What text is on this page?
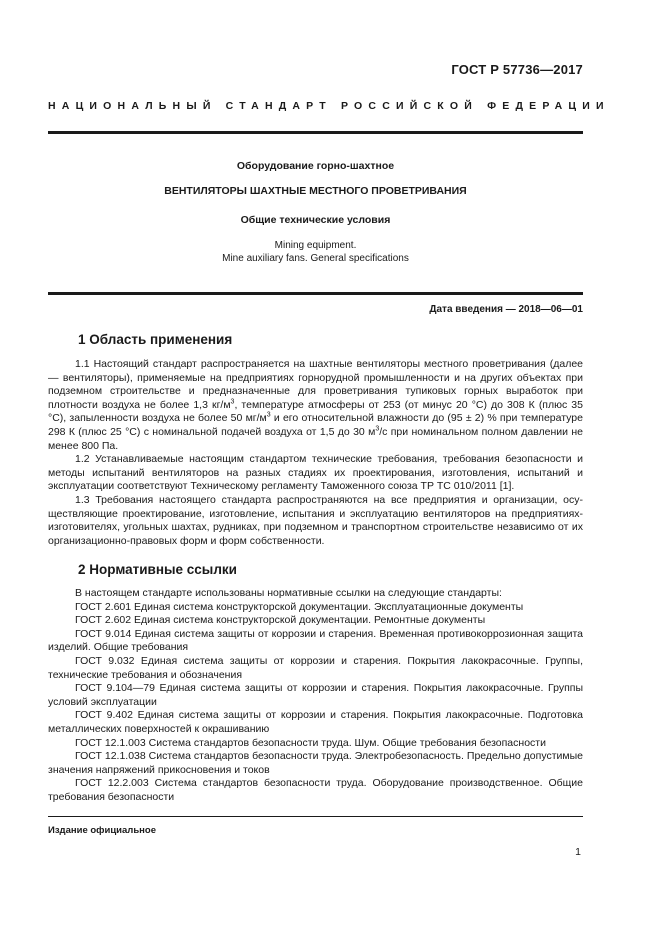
ГОСТ Р 57736—2017
НАЦИОНАЛЬНЫЙ СТАНДАРТ РОССИЙСКОЙ ФЕДЕРАЦИИ
Оборудование горно-шахтное
ВЕНТИЛЯТОРЫ ШАХТНЫЕ МЕСТНОГО ПРОВЕТРИВАНИЯ
Общие технические условия
Mining equipment.
Mine auxiliary fans. General specifications
Дата введения — 2018—06—01
1 Область применения

1.1 Настоящий стандарт распространяется на шахтные вентиляторы местного проветривания (далее — вентиляторы), применяемые на предприятиях горнорудной промышленности и на других объектах при подземном строительстве и предназначенные для проветривания тупиковых горных выработок при плотности воздуха не более 1,3 $кг/м^3$, температуре атмосферы от 253 (от минус 20 °С) до 308 К (плюс 35 °С), запыленности воздуха не более 50 $мг/м^3$ и его относительной влажности до (95 ± 2) % при температуре 298 К (плюс 25 °С) с номинальной подачей воздуха от 1,5 до 30 $м^3/с$ при номинальном полном давлении не менее 800 Па.

1.2 Устанавливаемые настоящим стандартом технические требования, требования безопасности и методы испытаний вентиляторов на разных стадиях их проектирования, изготовления, испытаний и эксплуатации соответствуют Техническому регламенту Таможенного союза ТР ТС 010/2011 [1].

1.3 Требования настоящего стандарта распространяются на все предприятия и организации, осуществляющие проектирование, изготовление, испытания и эксплуатацию вентиляторов на предприятиях-изготовителях, угольных шахтах, рудниках, при подземном и транспортном строительстве независимо от их организационно-правовых форм и форм собственности.

2 Нормативные ссылки

В настоящем стандарте использованы нормативные ссылки на следующие стандарты:

ГОСТ 2.601 Единая система конструкторской документации. Эксплуатационные документы

ГОСТ 2.602 Единая система конструкторской документации. Ремонтные документы

ГОСТ 9.014 Единая система защиты от коррозии и старения. Временная противокоррозионная защита изделий. Общие требования

ГОСТ 9.032 Единая система защиты от коррозии и старения. Покрытия лакокрасочные. Группы, технические требования и обозначения

ГОСТ 9.104—79 Единая система защиты от коррозии и старения. Покрытия лакокрасочные. Группы условий эксплуатации

ГОСТ 9.402 Единая система защиты от коррозии и старения. Покрытия лакокрасочные. Подготовка металлических поверхностей к окрашиванию

ГОСТ 12.1.003 Система стандартов безопасности труда. Шум. Общие требования безопасности

ГОСТ 12.1.038 Система стандартов безопасности труда. Электробезопасность. Предельно допустимые значения напряжений прикосновения и токов

ГОСТ 12.2.003 Система стандартов безопасности труда. Оборудование производственное. Общие требования безопасности

Издание официальное
1
